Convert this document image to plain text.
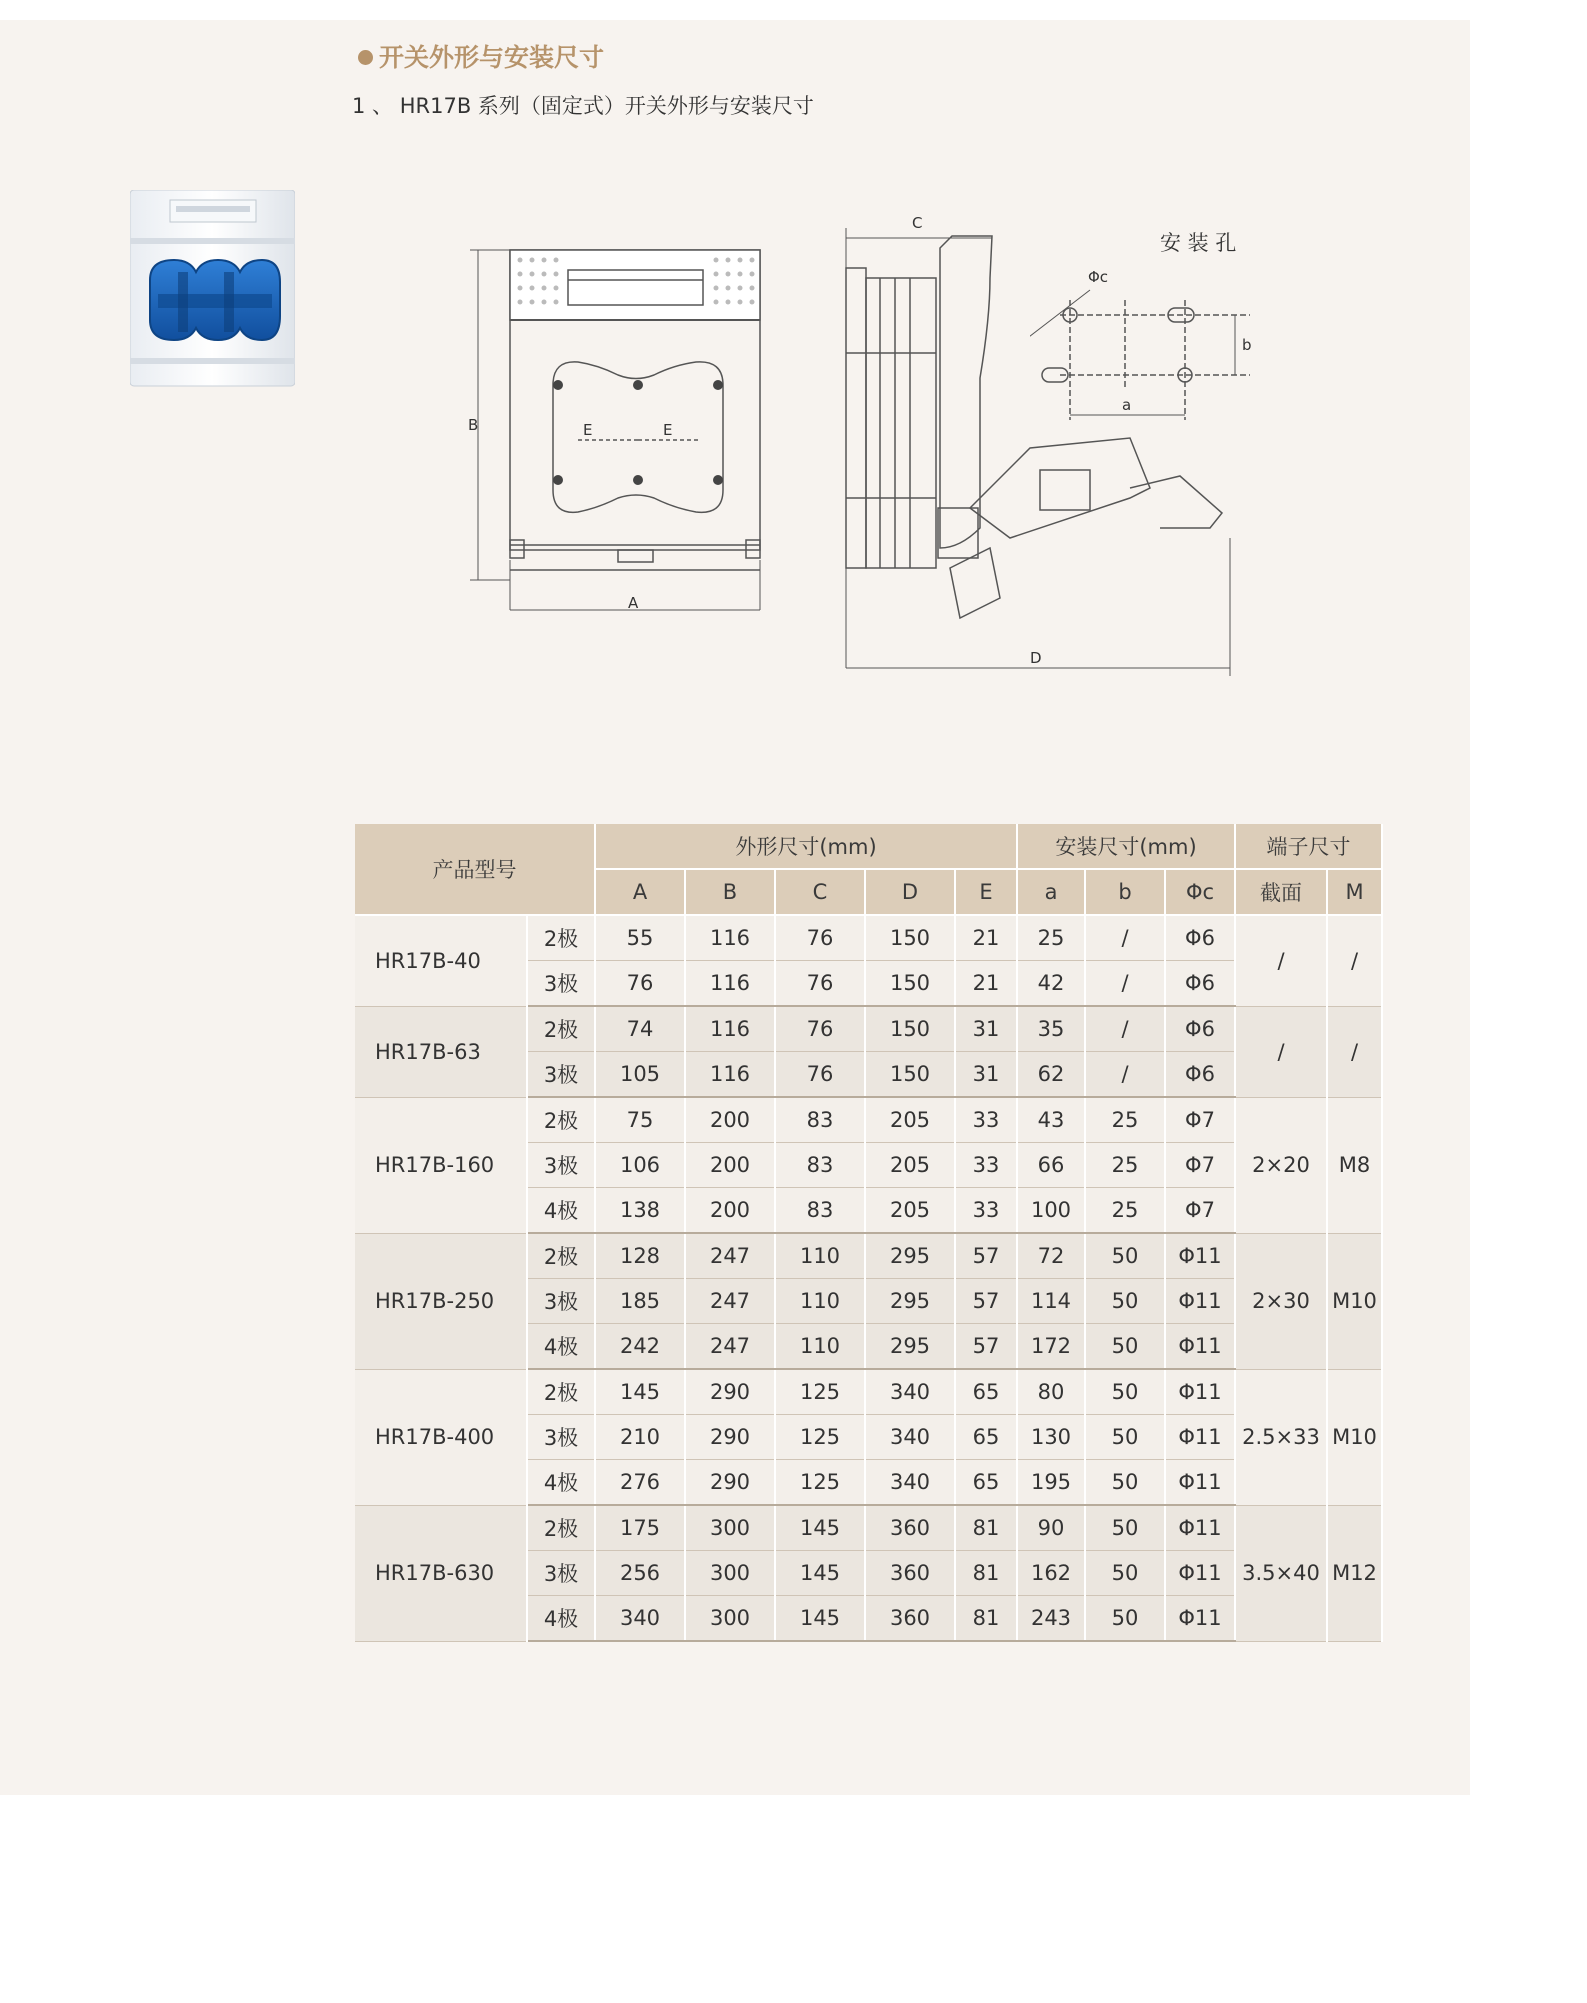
开关外形与安装尺寸
1 、 HR17B 系列（固定式）开关外形与安装尺寸
B
A
E	E
C
D
安 装 孔
Φc
a
b
产品型号		外形尺寸(mm)					安装尺寸(mm)			端子尺寸	
		A	B	C	D	E	a	b	Φc	截面	M
HR17B-40	2极	55	116	76	150	21	25	/	Φ6	/	/
	3极	76	116	76	150	21	42	/	Φ6		
HR17B-63	2极	74	116	76	150	31	35	/	Φ6	/	/
	3极	105	116	76	150	31	62	/	Φ6		
HR17B-160	2极	75	200	83	205	33	43	25	Φ7	2×20	M8
	3极	106	200	83	205	33	66	25	Φ7		
	4极	138	200	83	205	33	100	25	Φ7		
HR17B-250	2极	128	247	110	295	57	72	50	Φ11	2×30	M10
	3极	185	247	110	295	57	114	50	Φ11		
	4极	242	247	110	295	57	172	50	Φ11		
HR17B-400	2极	145	290	125	340	65	80	50	Φ11	2.5×33	M10
	3极	210	290	125	340	65	130	50	Φ11		
	4极	276	290	125	340	65	195	50	Φ11		
HR17B-630	2极	175	300	145	360	81	90	50	Φ11	3.5×40	M12
	3极	256	300	145	360	81	162	50	Φ11		
	4极	340	300	145	360	81	243	50	Φ11		
